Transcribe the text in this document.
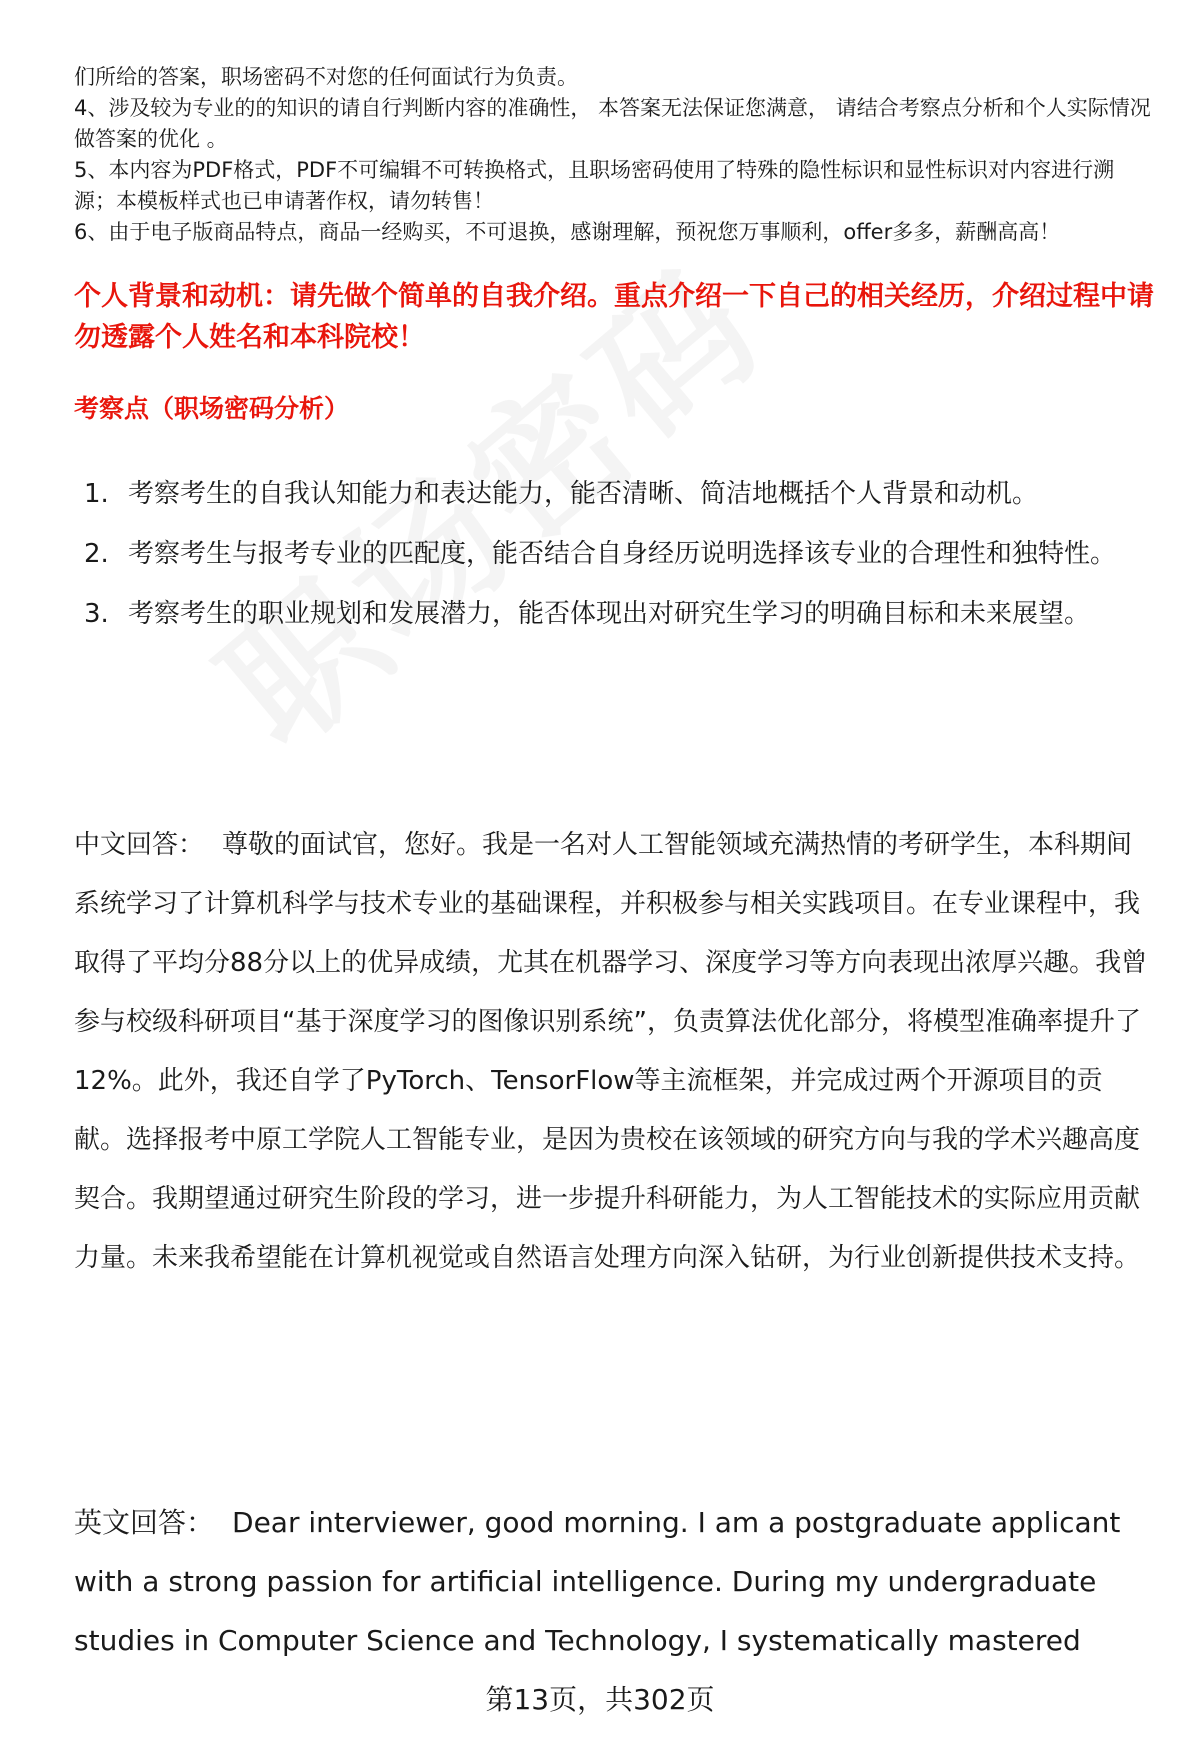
们所给的答案，职场密码不对您的任何面试行为负责。

4、涉及较为专业的的知识的请自行判断内容的准确性， 本答案无法保证您满意， 请结合考察点分析和个人实际情况做答案的优化 。

5、本内容为PDF格式，PDF不可编辑不可转换格式，且职场密码使用了特殊的隐性标识和显性标识对内容进行溯源；本模板样式也已申请著作权，请勿转售！

6、由于电子版商品特点，商品一经购买，不可退换，感谢理解，预祝您万事顺利，offer多多，薪酬高高！

个人背景和动机：请先做个简单的自我介绍。重点介绍一下自己的相关经历，介绍过程中请勿透露个人姓名和本科院校！

考察点（职场密码分析）

1. 考察考生的自我认知能力和表达能力，能否清晰、简洁地概括个人背景和动机。
2. 考察考生与报考专业的匹配度，能否结合自身经历说明选择该专业的合理性和独特性。
3. 考察考生的职业规划和发展潜力，能否体现出对研究生学习的明确目标和未来展望。

中文回答： 尊敬的面试官，您好。我是一名对人工智能领域充满热情的考研学生，本科期间系统学习了计算机科学与技术专业的基础课程，并积极参与相关实践项目。在专业课程中，我取得了平均分88分以上的优异成绩，尤其在机器学习、深度学习等方向表现出浓厚兴趣。我曾参与校级科研项目“基于深度学习的图像识别系统”，负责算法优化部分，将模型准确率提升了12%。此外，我还自学了PyTorch、TensorFlow等主流框架，并完成过两个开源项目的贡献。选择报考中原工学院人工智能专业，是因为贵校在该领域的研究方向与我的学术兴趣高度契合。我期望通过研究生阶段的学习，进一步提升科研能力，为人工智能技术的实际应用贡献力量。未来我希望能在计算机视觉或自然语言处理方向深入钻研，为行业创新提供技术支持。

英文回答： Dear interviewer, good morning. I am a postgraduate applicant with a strong passion for artificial intelligence. During my undergraduate studies in Computer Science and Technology, I systematically mastered

第13页，共302页
